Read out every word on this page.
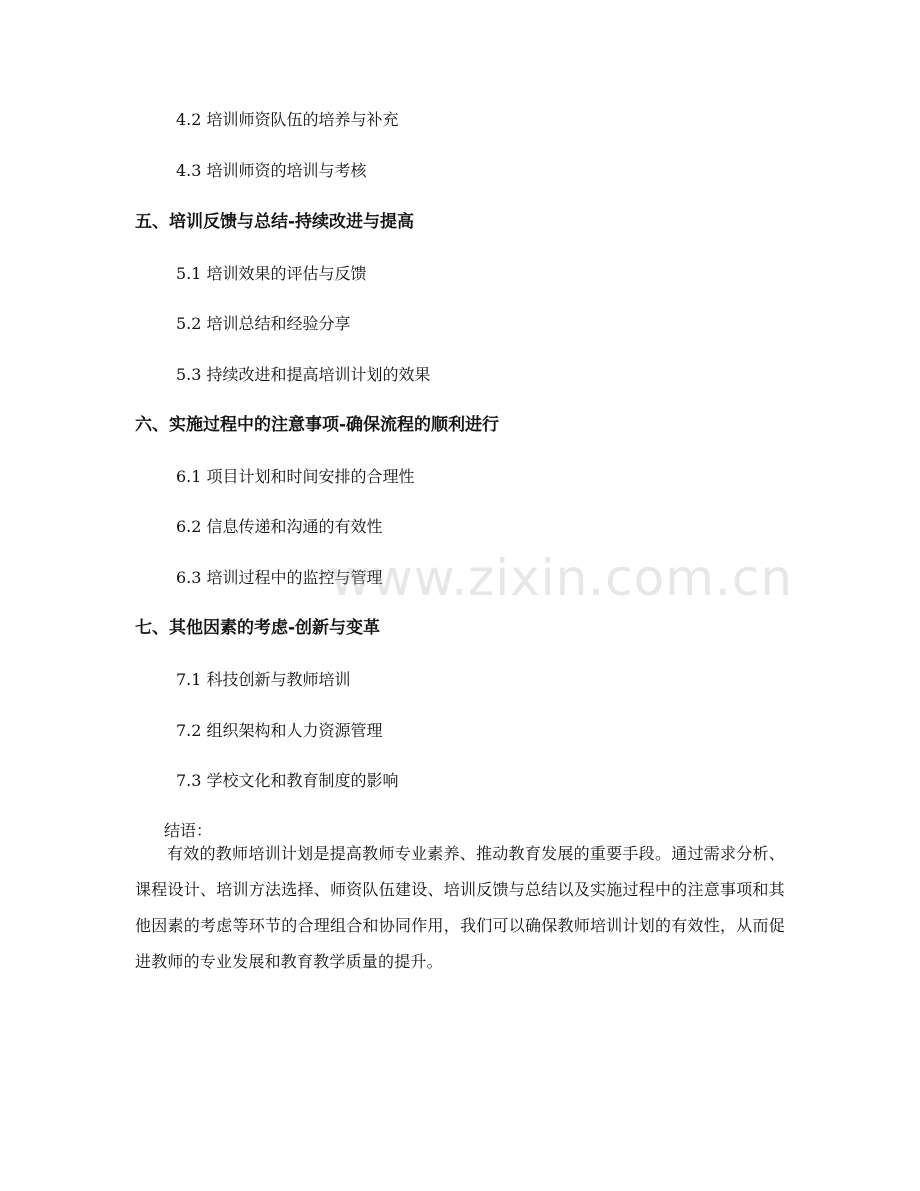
4.2 培训师资队伍的培养与补充
4.3 培训师资的培训与考核
五、培训反馈与总结-持续改进与提高
5.1 培训效果的评估与反馈
5.2 培训总结和经验分享
5.3 持续改进和提高培训计划的效果
六、实施过程中的注意事项-确保流程的顺利进行
6.1 项目计划和时间安排的合理性
6.2 信息传递和沟通的有效性
6.3 培训过程中的监控与管理
七、其他因素的考虑-创新与变革
7.1 科技创新与教师培训
7.2 组织架构和人力资源管理
7.3 学校文化和教育制度的影响
结语：
有效的教师培训计划是提高教师专业素养、推动教育发展的重要手段。通过需求分析、课程设计、培训方法选择、师资队伍建设、培训反馈与总结以及实施过程中的注意事项和其他因素的考虑等环节的合理组合和协同作用，我们可以确保教师培训计划的有效性，从而促进教师的专业发展和教育教学质量的提升。
www.zixin.com.cn
